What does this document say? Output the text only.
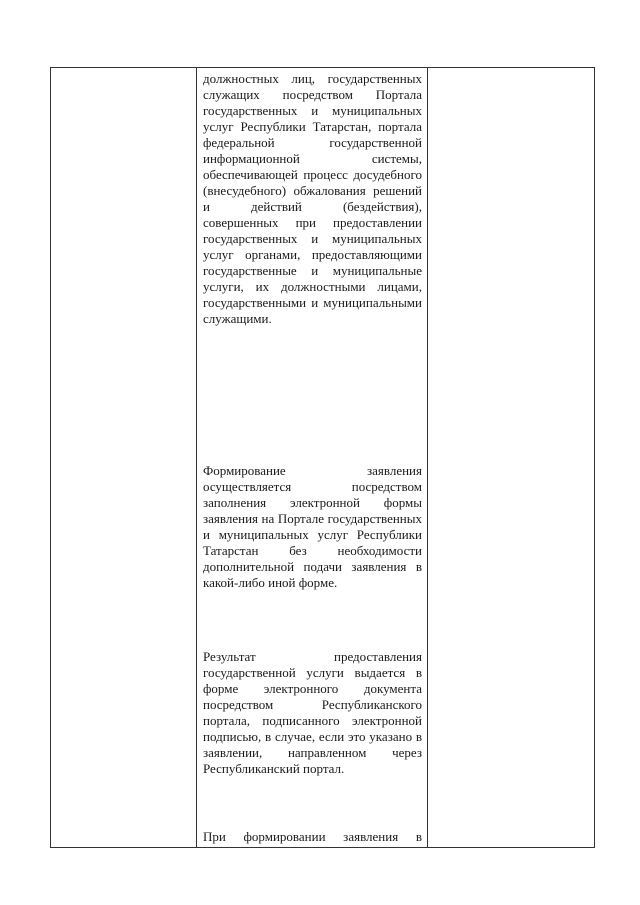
должностных лиц, государственных служащих посредством Портала государственных и муниципальных услуг Республики Татарстан, портала федеральной государственной информационной системы, обеспечивающей процесс досудебного (внесудебного) обжалования решений и действий (бездействия), совершенных при предоставлении государственных и муниципальных услуг органами, предоставляющими государственные и муниципальные услуги, их должностными лицами, государственными и муниципальными служащими.

Формирование заявления осуществляется посредством заполнения электронной формы заявления на Портале государственных и муниципальных услуг Республики Татарстан без необходимости дополнительной подачи заявления в какой-либо иной форме.

Результат предоставления государственной услуги выдается в форме электронного документа посредством Республиканского портала, подписанного электронной подписью, в случае, если это указано в заявлении, направленном через Республиканский портал.

При формировании заявления в
